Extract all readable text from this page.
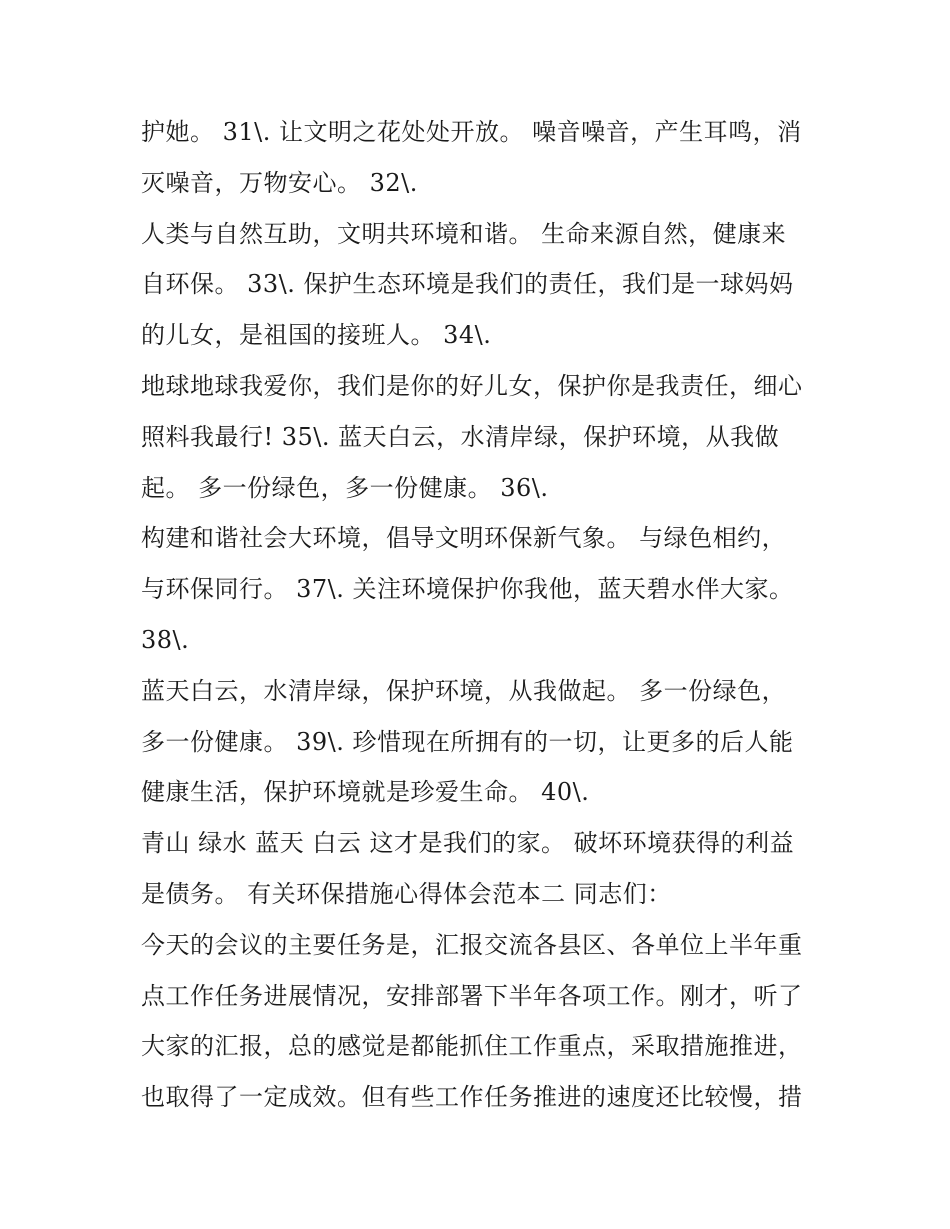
护她。 31\. 让文明之花处处开放。 噪音噪音，产生耳鸣，消
灭噪音，万物安心。 32\.
人类与自然互助，文明共环境和谐。 生命来源自然，健康来
自环保。 33\. 保护生态环境是我们的责任，我们是一球妈妈
的儿女，是祖国的接班人。 34\.
地球地球我爱你，我们是你的好儿女，保护你是我责任，细心
照料我最行! 35\. 蓝天白云，水清岸绿，保护环境，从我做
起。 多一份绿色，多一份健康。 36\.
构建和谐社会大环境，倡导文明环保新气象。 与绿色相约，
与环保同行。 37\. 关注环境保护你我他，蓝天碧水伴大家。
38\.
蓝天白云，水清岸绿，保护环境，从我做起。 多一份绿色，
多一份健康。 39\. 珍惜现在所拥有的一切，让更多的后人能
健康生活，保护环境就是珍爱生命。 40\.
青山 绿水 蓝天 白云 这才是我们的家。 破坏环境获得的利益
是债务。 有关环保措施心得体会范本二 同志们：
今天的会议的主要任务是，汇报交流各县区、各单位上半年重
点工作任务进展情况，安排部署下半年各项工作。刚才，听了
大家的汇报，总的感觉是都能抓住工作重点，采取措施推进，
也取得了一定成效。但有些工作任务推进的速度还比较慢，措
